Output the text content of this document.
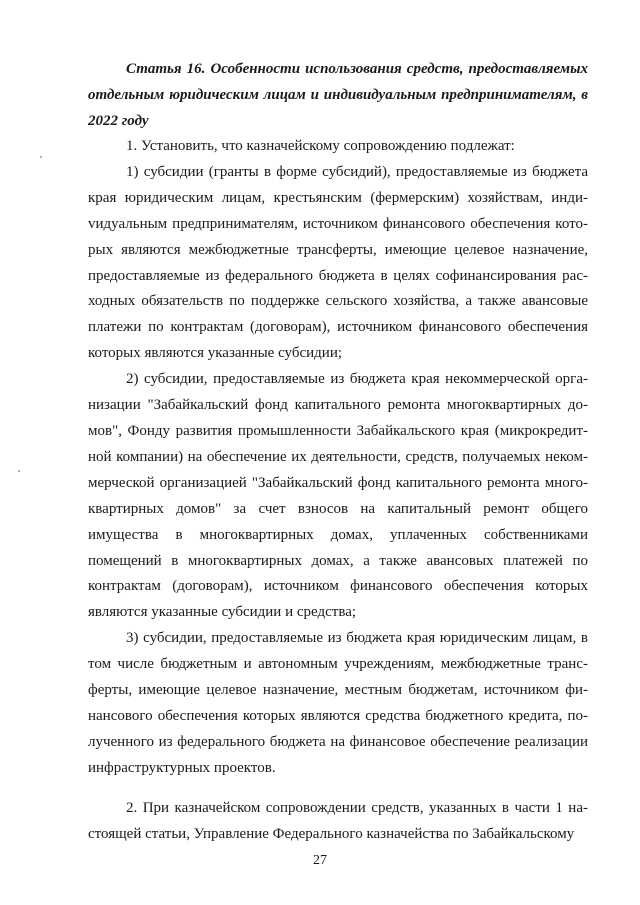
Статья 16. Особенности использования средств, предоставляемых отдельным юридическим лицам и индивидуальным предпринимателям, в 2022 году

1. Установить, что казначейскому сопровождению подлежат:

1) субсидии (гранты в форме субсидий), предоставляемые из бюджета края юридическим лицам, крестьянским (фермерским) хозяйствам, индиvидуальным предпринимателям, источником финансового обеспечения которых являются межбюджетные трансферты, имеющие целевое назначение, предоставляемые из федерального бюджета в целях софинансирования расходных обязательств по поддержке сельского хозяйства, а также авансовые платежи по контрактам (договорам), источником финансового обеспечения которых являются указанные субсидии;

2) субсидии, предоставляемые из бюджета края некоммерческой организации "Забайкальский фонд капитального ремонта многоквартирных домов", Фонду развития промышленности Забайкальского края (микрокредитной компании) на обеспечение их деятельности, средств, получаемых некоммерческой организацией "Забайкальский фонд капитального ремонта многоквартирных домов" за счет взносов на капитальный ремонт общего имущества в многоквартирных домах, уплаченных собственниками помещений в многоквартирных домах, а также авансовых платежей по контрактам (договорам), источником финансового обеспечения которых являются указанные субсидии и средства;

3) субсидии, предоставляемые из бюджета края юридическим лицам, в том числе бюджетным и автономным учреждениям, межбюджетные трансферты, имеющие целевое назначение, местным бюджетам, источником финансового обеспечения которых являются средства бюджетного кредита, полученного из федерального бюджета на финансовое обеспечение реализации инфраструктурных проектов.

2. При казначейском сопровождении средств, указанных в части 1 настоящей статьи, Управление Федерального казначейства по Забайкальскому

27
